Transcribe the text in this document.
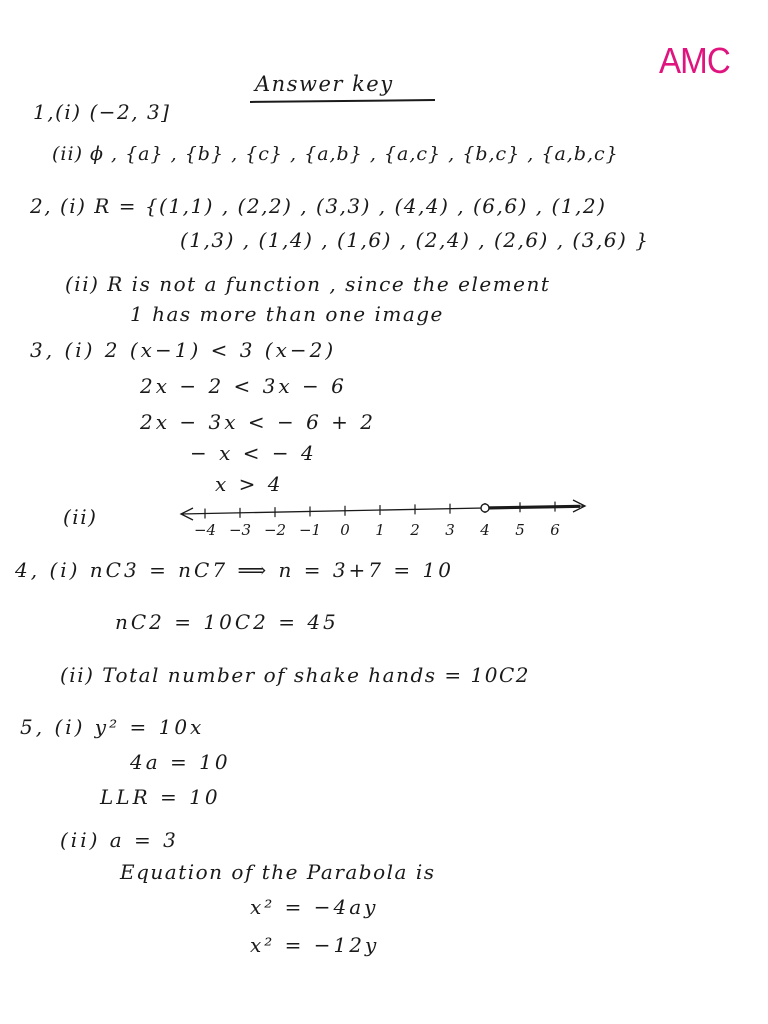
AMC
Answer key
1,(i) (−2, 3]
(ii) ϕ , {a} , {b} , {c} , {a,b} , {a,c} , {b,c} , {a,b,c}
2, (i) R = {(1,1) , (2,2) , (3,3) , (4,4) , (6,6) , (1,2)
(1,3) , (1,4) , (1,6) , (2,4) , (2,6) , (3,6) }
(ii) R is not a function , since the element
1 has more than one image
3, (i) 2 (x−1) < 3 (x−2)
2x − 2 < 3x − 6
2x − 3x < − 6 + 2
− x < − 4
x > 4
(ii)
−4 −3 −2 −1 0 1 2 3 4 5 6
4, (i) nC3 = nC7 ⟹ n = 3+7 = 10
nC2 = 10C2 = 45
(ii) Total number of shake hands = 10C2
5, (i) y² = 10x
4a = 10
LLR = 10
(ii) a = 3
Equation of the Parabola is
x² = −4ay
x² = −12y
